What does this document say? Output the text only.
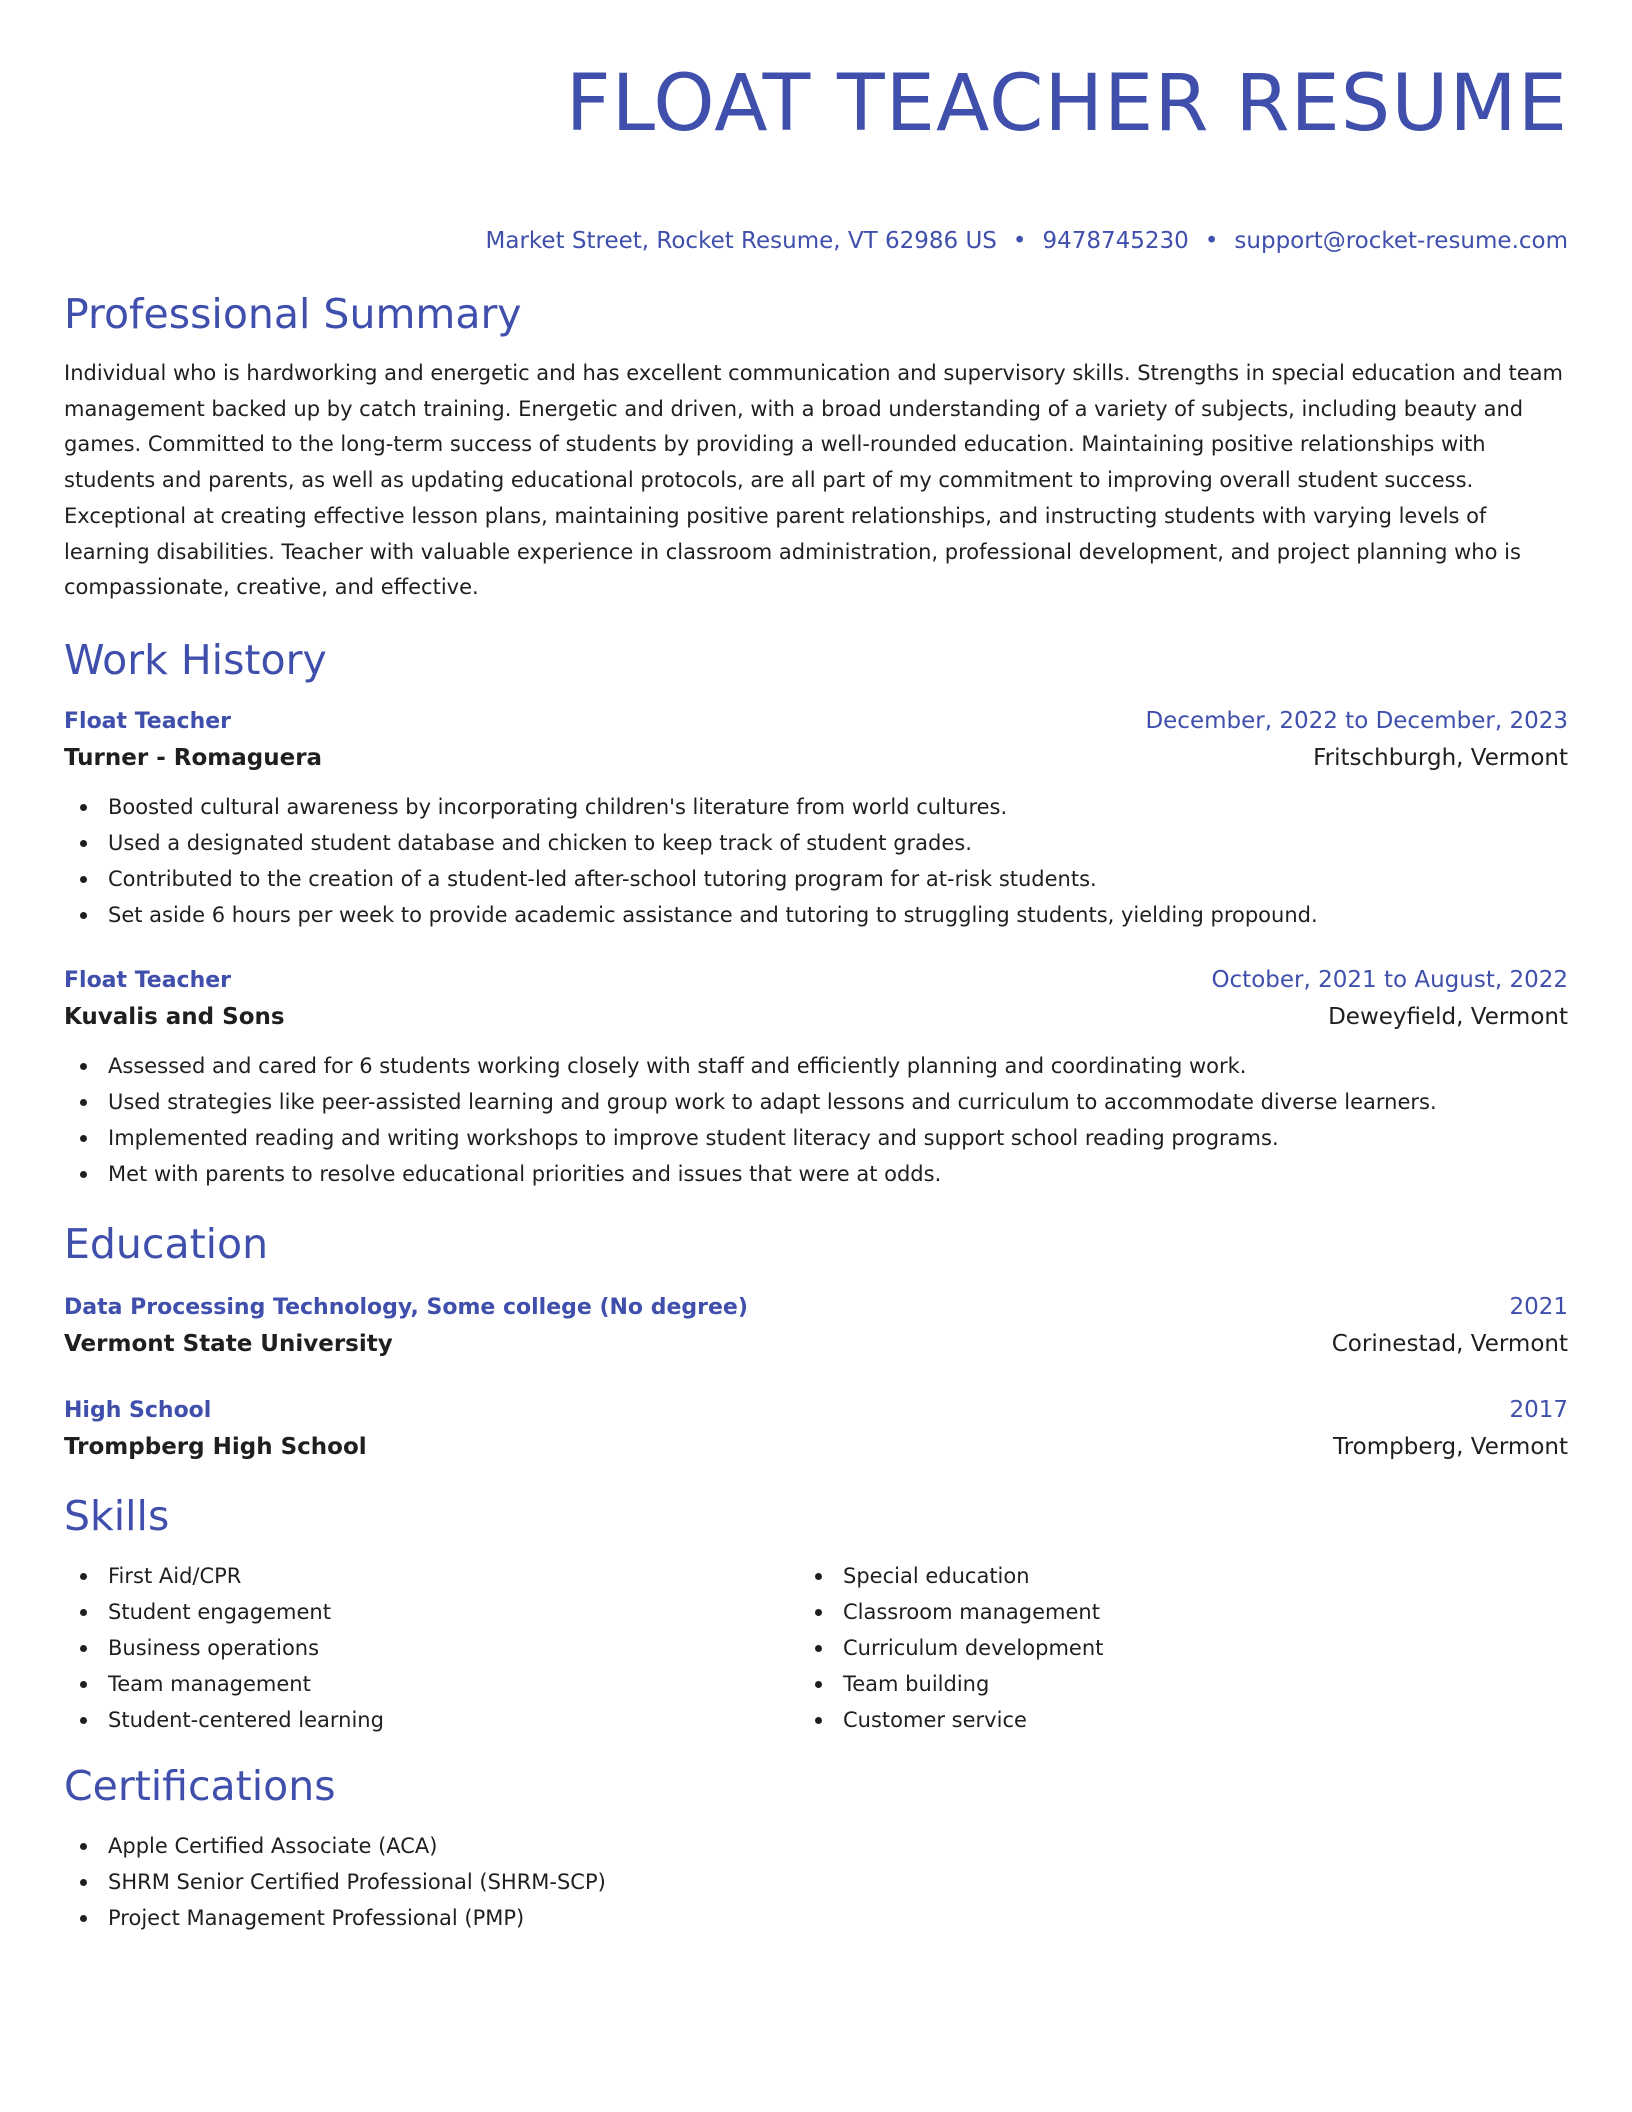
FLOAT TEACHER RESUME
Market Street, Rocket Resume, VT 62986 US • 9478745230 • support@rocket-resume.com
Professional Summary

Individual who is hardworking and energetic and has excellent communication and supervisory skills. Strengths in special education and team management backed up by catch training. Energetic and driven, with a broad understanding of a variety of subjects, including beauty and games. Committed to the long-term success of students by providing a well-rounded education. Maintaining positive relationships with students and parents, as well as updating educational protocols, are all part of my commitment to improving overall student success. Exceptional at creating effective lesson plans, maintaining positive parent relationships, and instructing students with varying levels of learning disabilities. Teacher with valuable experience in classroom administration, professional development, and project planning who is compassionate, creative, and effective.

Work History
Float Teacher	December, 2022 to December, 2023
Turner - Romaguera	Fritschburgh, Vermont
Boosted cultural awareness by incorporating children's literature from world cultures.
Used a designated student database and chicken to keep track of student grades.
Contributed to the creation of a student-led after-school tutoring program for at-risk students.
Set aside 6 hours per week to provide academic assistance and tutoring to struggling students, yielding propound.
Float Teacher	October, 2021 to August, 2022
Kuvalis and Sons	Deweyfield, Vermont
Assessed and cared for 6 students working closely with staff and efficiently planning and coordinating work.
Used strategies like peer-assisted learning and group work to adapt lessons and curriculum to accommodate diverse learners.
Implemented reading and writing workshops to improve student literacy and support school reading programs.
Met with parents to resolve educational priorities and issues that were at odds.
Education
Data Processing Technology, Some college (No degree)	2021
Vermont State University	Corinestad, Vermont
High School	2017
Trompberg High School	Trompberg, Vermont
Skills
First Aid/CPR
Student engagement
Business operations
Team management
Student-centered learning
Special education
Classroom management
Curriculum development
Team building
Customer service
Certifications
Apple Certified Associate (ACA)
SHRM Senior Certified Professional (SHRM-SCP)
Project Management Professional (PMP)
